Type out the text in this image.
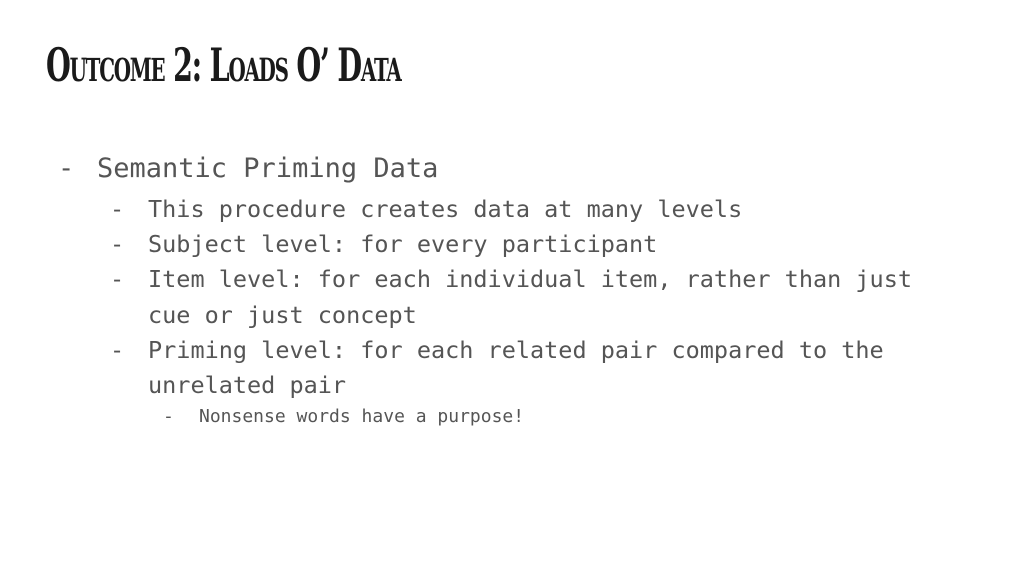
Outcome 2: Loads O’ Data
- Semantic Priming Data
- This procedure creates data at many levels
- Subject level: for every participant
- Item level: for each individual item, rather than just
cue or just concept
- Priming level: for each related pair compared to the
unrelated pair
- Nonsense words have a purpose!
